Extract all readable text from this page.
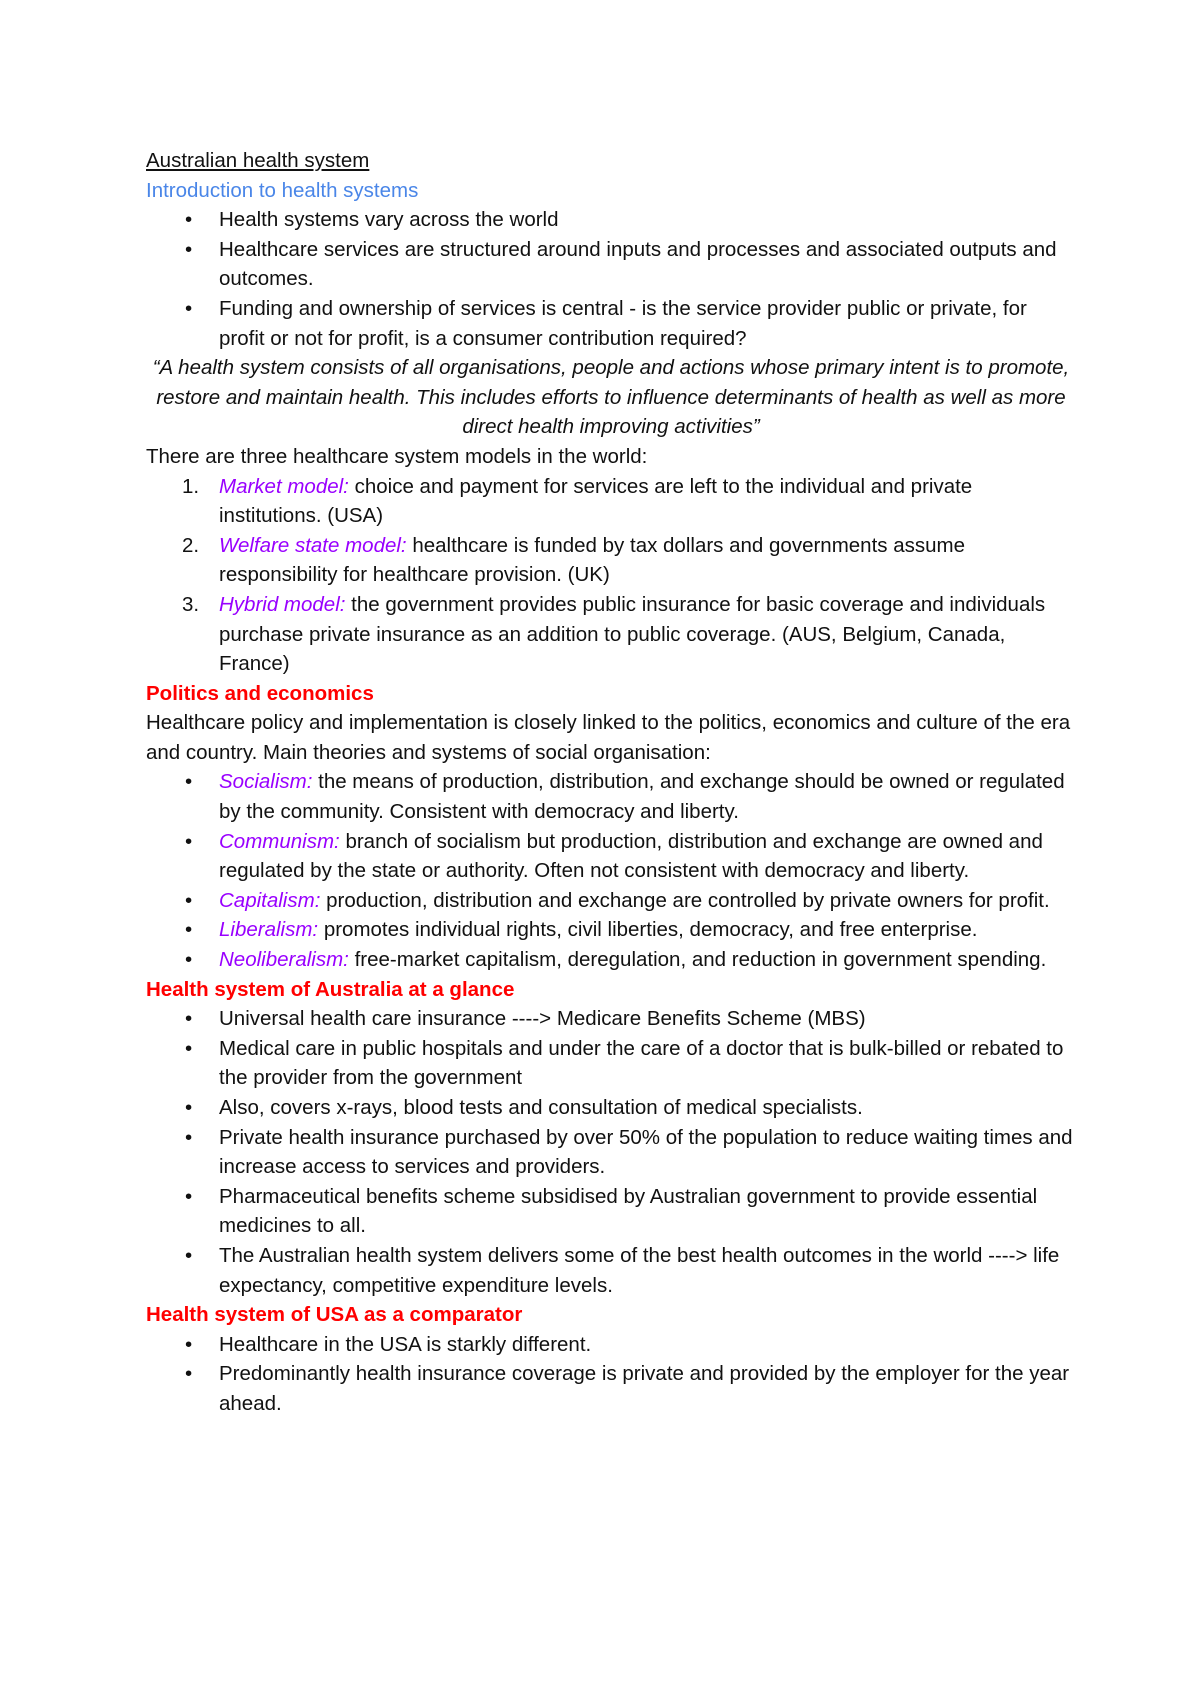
Australian health system

Introduction to health systems

•	Health systems vary across the world
•	Healthcare services are structured around inputs and processes and associated outputs and outcomes.
•	Funding and ownership of services is central - is the service provider public or private, for profit or not for profit, is a consumer contribution required?

“A health system consists of all organisations, people and actions whose primary intent is to promote, restore and maintain health. This includes efforts to influence determinants of health as well as more direct health improving activities”

There are three healthcare system models in the world:

1. Market model: choice and payment for services are left to the individual and private institutions. (USA)
2. Welfare state model: healthcare is funded by tax dollars and governments assume responsibility for healthcare provision. (UK)
3. Hybrid model: the government provides public insurance for basic coverage and individuals purchase private insurance as an addition to public coverage. (AUS, Belgium, Canada, France)

Politics and economics

Healthcare policy and implementation is closely linked to the politics, economics and culture of the era and country. Main theories and systems of social organisation:

•	Socialism: the means of production, distribution, and exchange should be owned or regulated by the community. Consistent with democracy and liberty.
•	Communism: branch of socialism but production, distribution and exchange are owned and regulated by the state or authority. Often not consistent with democracy and liberty.
•	Capitalism: production, distribution and exchange are controlled by private owners for profit.
•	Liberalism: promotes individual rights, civil liberties, democracy, and free enterprise.
•	Neoliberalism: free-market capitalism, deregulation, and reduction in government spending.

Health system of Australia at a glance

•	Universal health care insurance ----> Medicare Benefits Scheme (MBS)
•	Medical care in public hospitals and under the care of a doctor that is bulk-billed or rebated to the provider from the government
•	Also, covers x-rays, blood tests and consultation of medical specialists.
•	Private health insurance purchased by over 50% of the population to reduce waiting times and increase access to services and providers.
•	Pharmaceutical benefits scheme subsidised by Australian government to provide essential medicines to all.
•	The Australian health system delivers some of the best health outcomes in the world ----> life expectancy, competitive expenditure levels.

Health system of USA as a comparator

•	Healthcare in the USA is starkly different.
•	Predominantly health insurance coverage is private and provided by the employer for the year ahead.
